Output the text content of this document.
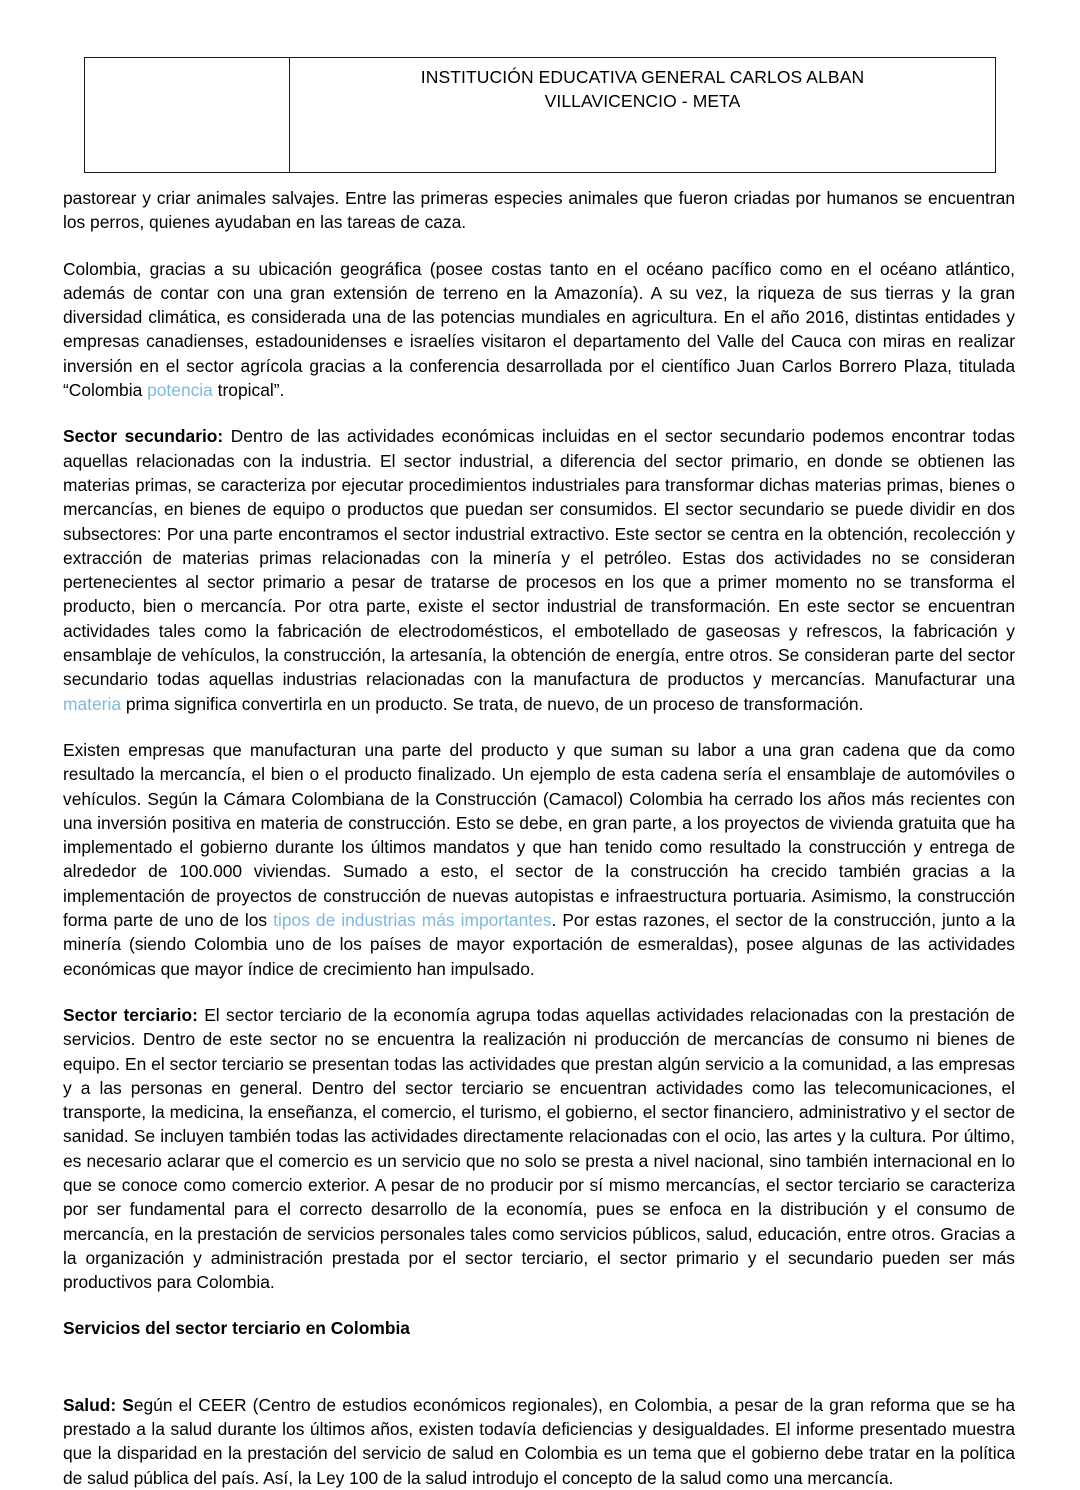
INSTITUCIÓN EDUCATIVA GENERAL CARLOS ALBAN
VILLAVICENCIO - META

pastorear y criar animales salvajes. Entre las primeras especies animales que fueron criadas por humanos se encuentran los perros, quienes ayudaban en las tareas de caza.

Colombia, gracias a su ubicación geográfica (posee costas tanto en el océano pacífico como en el océano atlántico, además de contar con una gran extensión de terreno en la Amazonía). A su vez, la riqueza de sus tierras y la gran diversidad climática, es considerada una de las potencias mundiales en agricultura. En el año 2016, distintas entidades y empresas canadienses, estadounidenses e israelíes visitaron el departamento del Valle del Cauca con miras en realizar inversión en el sector agrícola gracias a la conferencia desarrollada por el científico Juan Carlos Borrero Plaza, titulada “Colombia potencia tropical”.

Sector secundario: Dentro de las actividades económicas incluidas en el sector secundario podemos encontrar todas aquellas relacionadas con la industria. El sector industrial, a diferencia del sector primario, en donde se obtienen las materias primas, se caracteriza por ejecutar procedimientos industriales para transformar dichas materias primas, bienes o mercancías, en bienes de equipo o productos que puedan ser consumidos. El sector secundario se puede dividir en dos subsectores: Por una parte encontramos el sector industrial extractivo. Este sector se centra en la obtención, recolección y extracción de materias primas relacionadas con la minería y el petróleo. Estas dos actividades no se consideran pertenecientes al sector primario a pesar de tratarse de procesos en los que a primer momento no se transforma el producto, bien o mercancía. Por otra parte, existe el sector industrial de transformación. En este sector se encuentran actividades tales como la fabricación de electrodomésticos, el embotellado de gaseosas y refrescos, la fabricación y ensamblaje de vehículos, la construcción, la artesanía, la obtención de energía, entre otros. Se consideran parte del sector secundario todas aquellas industrias relacionadas con la manufactura de productos y mercancías. Manufacturar una materia prima significa convertirla en un producto. Se trata, de nuevo, de un proceso de transformación.

Existen empresas que manufacturan una parte del producto y que suman su labor a una gran cadena que da como resultado la mercancía, el bien o el producto finalizado. Un ejemplo de esta cadena sería el ensamblaje de automóviles o vehículos. Según la Cámara Colombiana de la Construcción (Camacol) Colombia ha cerrado los años más recientes con una inversión positiva en materia de construcción. Esto se debe, en gran parte, a los proyectos de vivienda gratuita que ha implementado el gobierno durante los últimos mandatos y que han tenido como resultado la construcción y entrega de alrededor de 100.000 viviendas. Sumado a esto, el sector de la construcción ha crecido también gracias a la implementación de proyectos de construcción de nuevas autopistas e infraestructura portuaria. Asimismo, la construcción forma parte de uno de los tipos de industrias más importantes. Por estas razones, el sector de la construcción, junto a la minería (siendo Colombia uno de los países de mayor exportación de esmeraldas), posee algunas de las actividades económicas que mayor índice de crecimiento han impulsado.

Sector terciario: El sector terciario de la economía agrupa todas aquellas actividades relacionadas con la prestación de servicios. Dentro de este sector no se encuentra la realización ni producción de mercancías de consumo ni bienes de equipo. En el sector terciario se presentan todas las actividades que prestan algún servicio a la comunidad, a las empresas y a las personas en general. Dentro del sector terciario se encuentran actividades como las telecomunicaciones, el transporte, la medicina, la enseñanza, el comercio, el turismo, el gobierno, el sector financiero, administrativo y el sector de sanidad. Se incluyen también todas las actividades directamente relacionadas con el ocio, las artes y la cultura. Por último, es necesario aclarar que el comercio es un servicio que no solo se presta a nivel nacional, sino también internacional en lo que se conoce como comercio exterior. A pesar de no producir por sí mismo mercancías, el sector terciario se caracteriza por ser fundamental para el correcto desarrollo de la economía, pues se enfoca en la distribución y el consumo de mercancía, en la prestación de servicios personales tales como servicios públicos, salud, educación, entre otros. Gracias a la organización y administración prestada por el sector terciario, el sector primario y el secundario pueden ser más productivos para Colombia.

Servicios del sector terciario en Colombia

Salud: Según el CEER (Centro de estudios económicos regionales), en Colombia, a pesar de la gran reforma que se ha prestado a la salud durante los últimos años, existen todavía deficiencias y desigualdades. El informe presentado muestra que la disparidad en la prestación del servicio de salud en Colombia es un tema que el gobierno debe tratar en la política de salud pública del país. Así, la Ley 100 de la salud introdujo el concepto de la salud como una mercancía.
